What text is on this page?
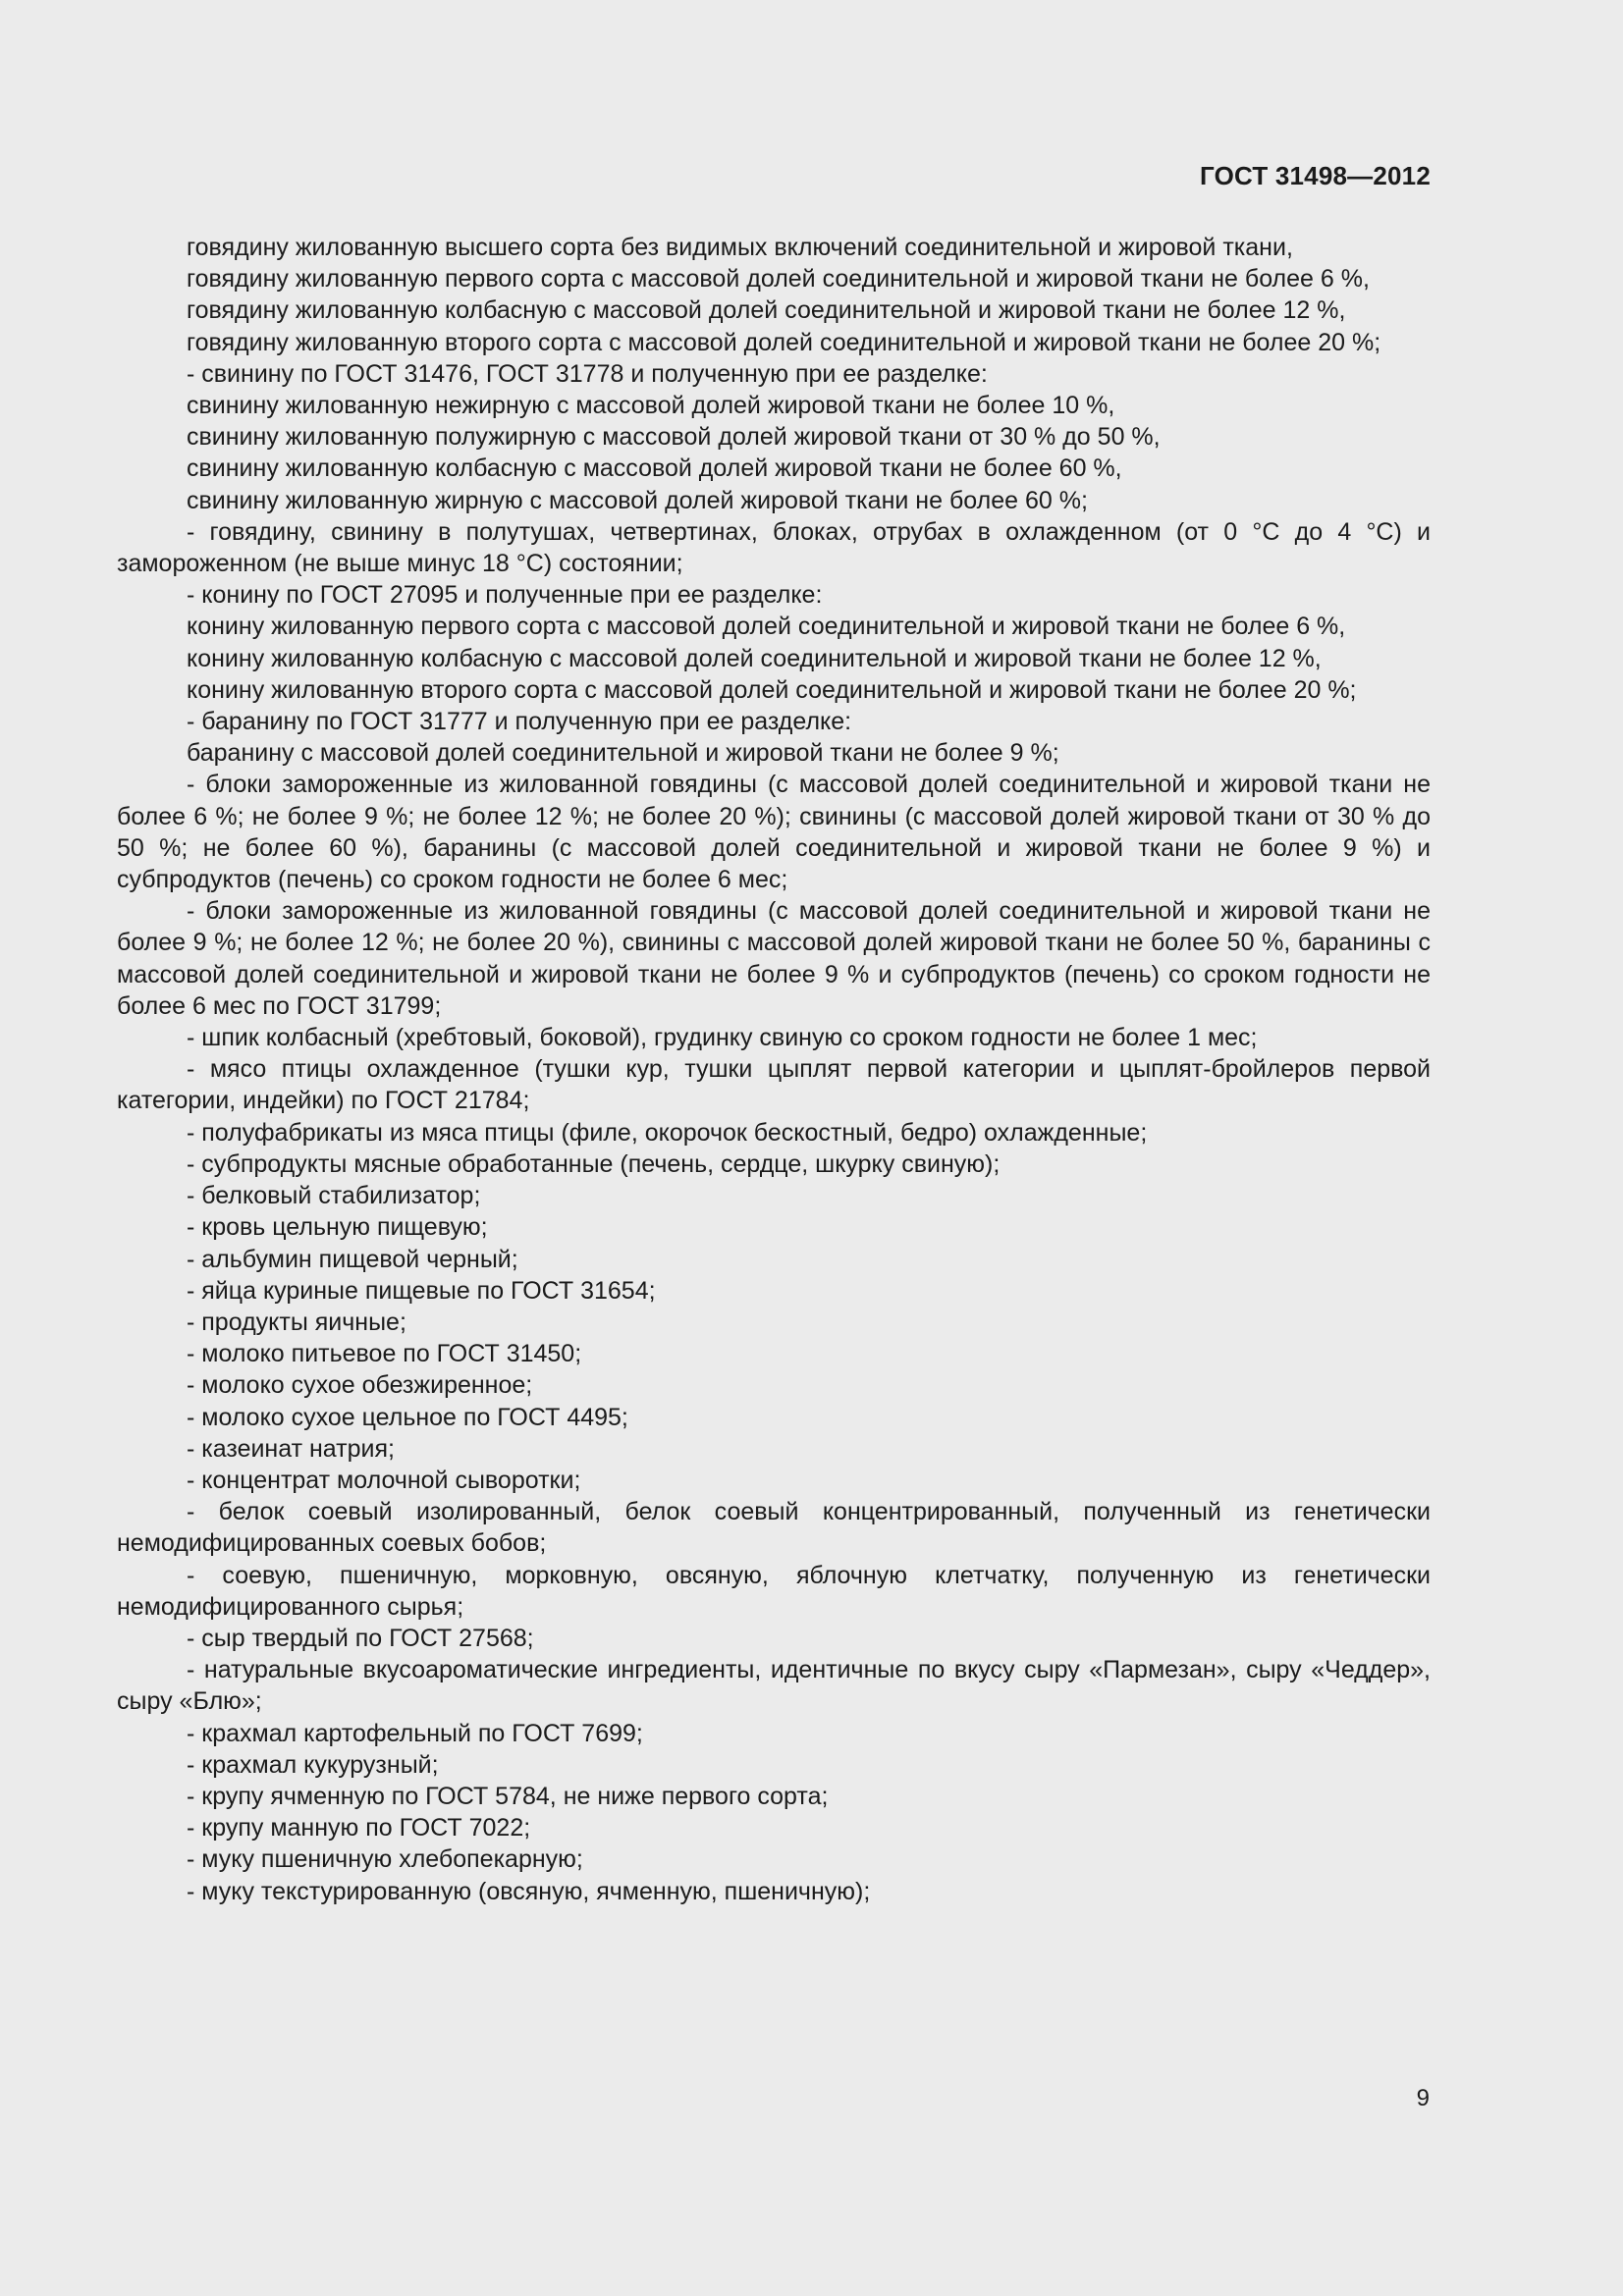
ГОСТ 31498—2012

говядину жилованную высшего сорта без видимых включений соединительной и жировой ткани,

говядину жилованную первого сорта с массовой долей соединительной и жировой ткани не более 6 %,

говядину жилованную колбасную с массовой долей соединительной и жировой ткани не более 12 %,

говядину жилованную второго сорта с массовой долей соединительной и жировой ткани не более 20 %;

- свинину по ГОСТ 31476, ГОСТ 31778 и полученную при ее разделке:

свинину жилованную нежирную с массовой долей жировой ткани не более 10 %,

свинину жилованную полужирную с массовой долей жировой ткани от 30 % до 50 %,

свинину жилованную колбасную с массовой долей жировой ткани не более 60 %,

свинину жилованную жирную с массовой долей жировой ткани не более 60 %;

- говядину, свинину в полутушах, четвертинах, блоках, отрубах в охлажденном (от 0 °С до 4 °С) и замороженном (не выше минус 18 °С) состоянии;

- конину по ГОСТ 27095 и полученные при ее разделке:

конину жилованную первого сорта с массовой долей соединительной и жировой ткани не более 6 %,

конину жилованную колбасную с массовой долей соединительной и жировой ткани не более 12 %,

конину жилованную второго сорта с массовой долей соединительной и жировой ткани не более 20 %;

- баранину по ГОСТ 31777 и полученную при ее разделке:

баранину с массовой долей соединительной и жировой ткани не более 9 %;

- блоки замороженные из жилованной говядины (с массовой долей соединительной и жировой ткани не более 6 %; не более 9 %; не более 12 %; не более 20 %); свинины (с массовой долей жировой ткани от 30 % до 50 %; не более 60 %), баранины (с массовой долей соединительной и жировой ткани не более 9 %) и субпродуктов (печень) со сроком годности не более 6 мес;

- блоки замороженные из жилованной говядины (с массовой долей соединительной и жировой ткани не более 9 %; не более 12 %; не более 20 %), свинины с массовой долей жировой ткани не более 50 %, баранины с массовой долей соединительной и жировой ткани не более 9 % и субпродуктов (печень) со сроком годности не более 6 мес по ГОСТ 31799;

- шпик колбасный (хребтовый, боковой), грудинку свиную со сроком годности не более 1 мес;

- мясо птицы охлажденное (тушки кур, тушки цыплят первой категории и цыплят-бройлеров первой категории, индейки) по ГОСТ 21784;

- полуфабрикаты из мяса птицы (филе, окорочок бескостный, бедро) охлажденные;

- субпродукты мясные обработанные (печень, сердце, шкурку свиную);

- белковый стабилизатор;

- кровь цельную пищевую;

- альбумин пищевой черный;

- яйца куриные пищевые по ГОСТ 31654;

- продукты яичные;

- молоко питьевое по ГОСТ 31450;

- молоко сухое обезжиренное;

- молоко сухое цельное по ГОСТ 4495;

- казеинат натрия;

- концентрат молочной сыворотки;

- белок соевый изолированный, белок соевый концентрированный, полученный из генетически немодифицированных соевых бобов;

- соевую, пшеничную, морковную, овсяную, яблочную клетчатку, полученную из генетически немодифицированного сырья;

- сыр твердый по ГОСТ 27568;

- натуральные вкусоароматические ингредиенты, идентичные по вкусу сыру «Пармезан», сыру «Чеддер», сыру «Блю»;

- крахмал картофельный по ГОСТ 7699;

- крахмал кукурузный;

- крупу ячменную по ГОСТ 5784, не ниже первого сорта;

- крупу манную по ГОСТ 7022;

- муку пшеничную хлебопекарную;

- муку текстурированную (овсяную, ячменную, пшеничную);

9
